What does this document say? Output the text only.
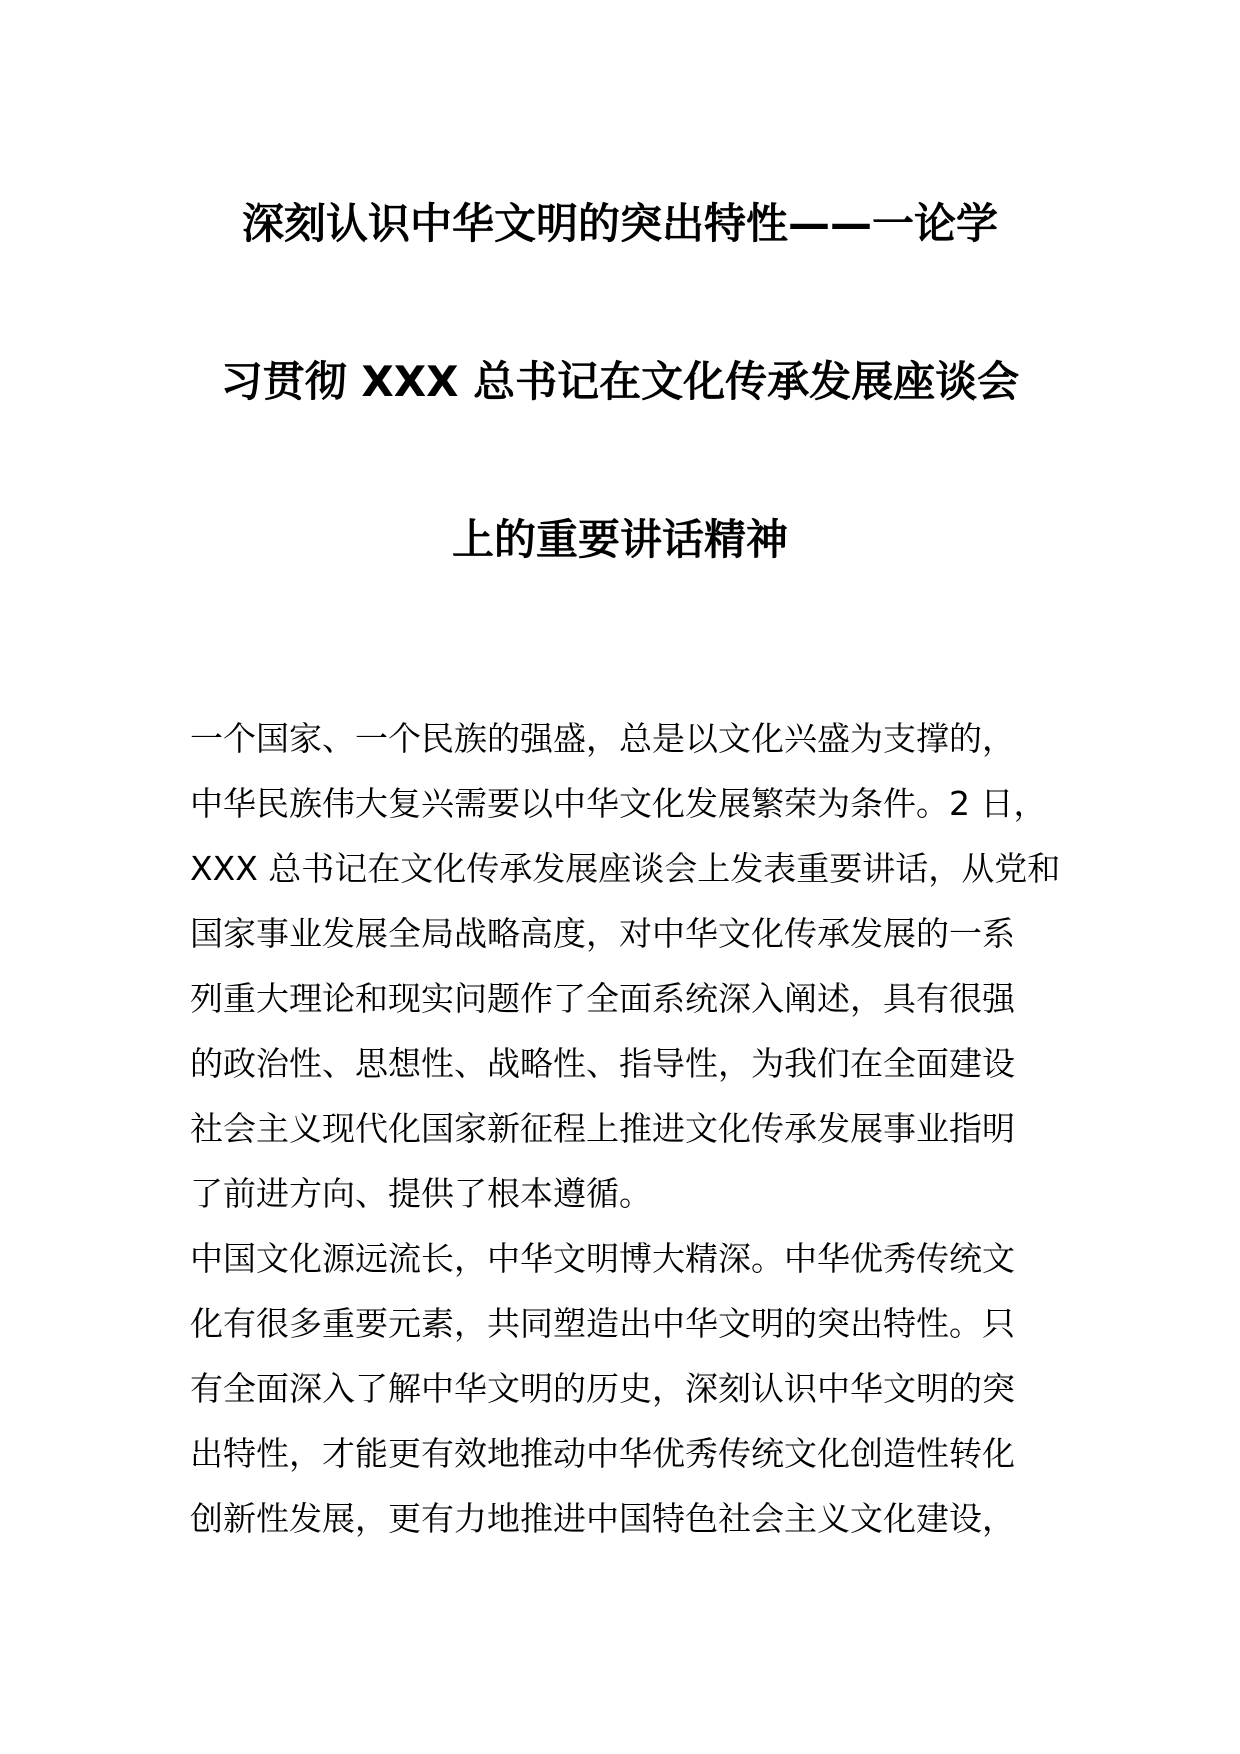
深刻认识中华文明的突出特性——一论学
习贯彻 XXX 总书记在文化传承发展座谈会
上的重要讲话精神
一个国家、一个民族的强盛，总是以文化兴盛为支撑的，
中华民族伟大复兴需要以中华文化发展繁荣为条件。2 日，
XXX 总书记在文化传承发展座谈会上发表重要讲话，从党和
国家事业发展全局战略高度，对中华文化传承发展的一系
列重大理论和现实问题作了全面系统深入阐述，具有很强
的政治性、思想性、战略性、指导性，为我们在全面建设
社会主义现代化国家新征程上推进文化传承发展事业指明
了前进方向、提供了根本遵循。
中国文化源远流长，中华文明博大精深。中华优秀传统文
化有很多重要元素，共同塑造出中华文明的突出特性。只
有全面深入了解中华文明的历史，深刻认识中华文明的突
出特性，才能更有效地推动中华优秀传统文化创造性转化
创新性发展，更有力地推进中国特色社会主义文化建设，
